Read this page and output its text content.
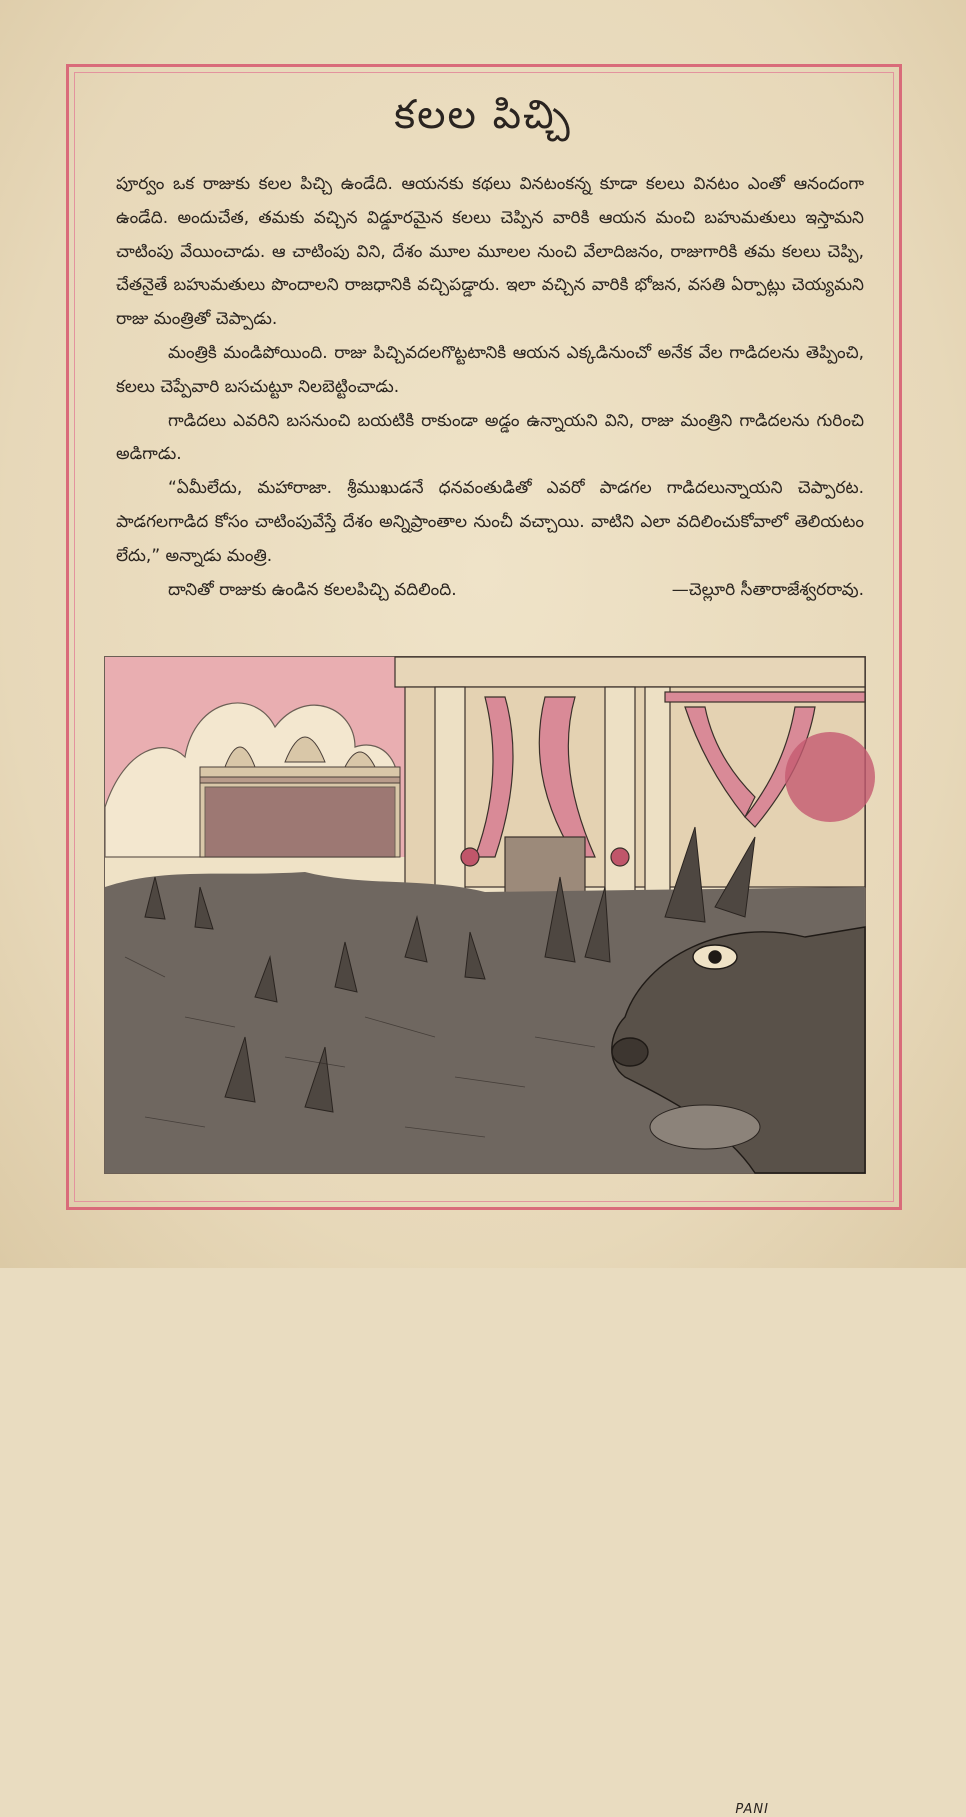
కలల పిచ్చి

పూర్వం ఒక రాజుకు కలల పిచ్చి ఉండేది. ఆయనకు కథలు వినటంకన్న కూడా కలలు వినటం ఎంతో ఆనందంగా ఉండేది. అందుచేత, తమకు వచ్చిన విడ్డూరమైన కలలు చెప్పిన వారికి ఆయన మంచి బహుమతులు ఇస్తామని చాటింపు వేయించాడు. ఆ చాటింపు విని, దేశం మూల మూలల నుంచి వేలాదిజనం, రాజుగారికి తమ కలలు చెప్పి, చేతనైతే బహుమతులు పొందాలని రాజధానికి వచ్చిపడ్డారు. ఇలా వచ్చిన వారికి భోజన, వసతి ఏర్పాట్లు చెయ్యమని రాజు మంత్రితో చెప్పాడు.

మంత్రికి మండిపోయింది. రాజు పిచ్చివదలగొట్టటానికి ఆయన ఎక్కడినుంచో అనేక వేల గాడిదలను తెప్పించి, కలలు చెప్పేవారి బసచుట్టూ నిలబెట్టించాడు.

గాడిదలు ఎవరిని బసనుంచి బయటికి రాకుండా అడ్డం ఉన్నాయని విని, రాజు మంత్రిని గాడిదలను గురించి అడిగాడు.

“ఏమీలేదు, మహారాజా. శ్రీముఖుడనే ధనవంతుడితో ఎవరో పాడగల గాడిదలున్నాయని చెప్పారట. పాడగలగాడిద కోసం చాటింపువేస్తే దేశం అన్నిప్రాంతాల నుంచీ వచ్చాయి. వాటిని ఎలా వదిలించుకోవాలో తెలియటం లేదు,” అన్నాడు మంత్రి.

దానితో రాజుకు ఉండిన కలలపిచ్చి వదిలింది.	—చెల్లూరి సీతారాజేశ్వరరావు.
PANI
